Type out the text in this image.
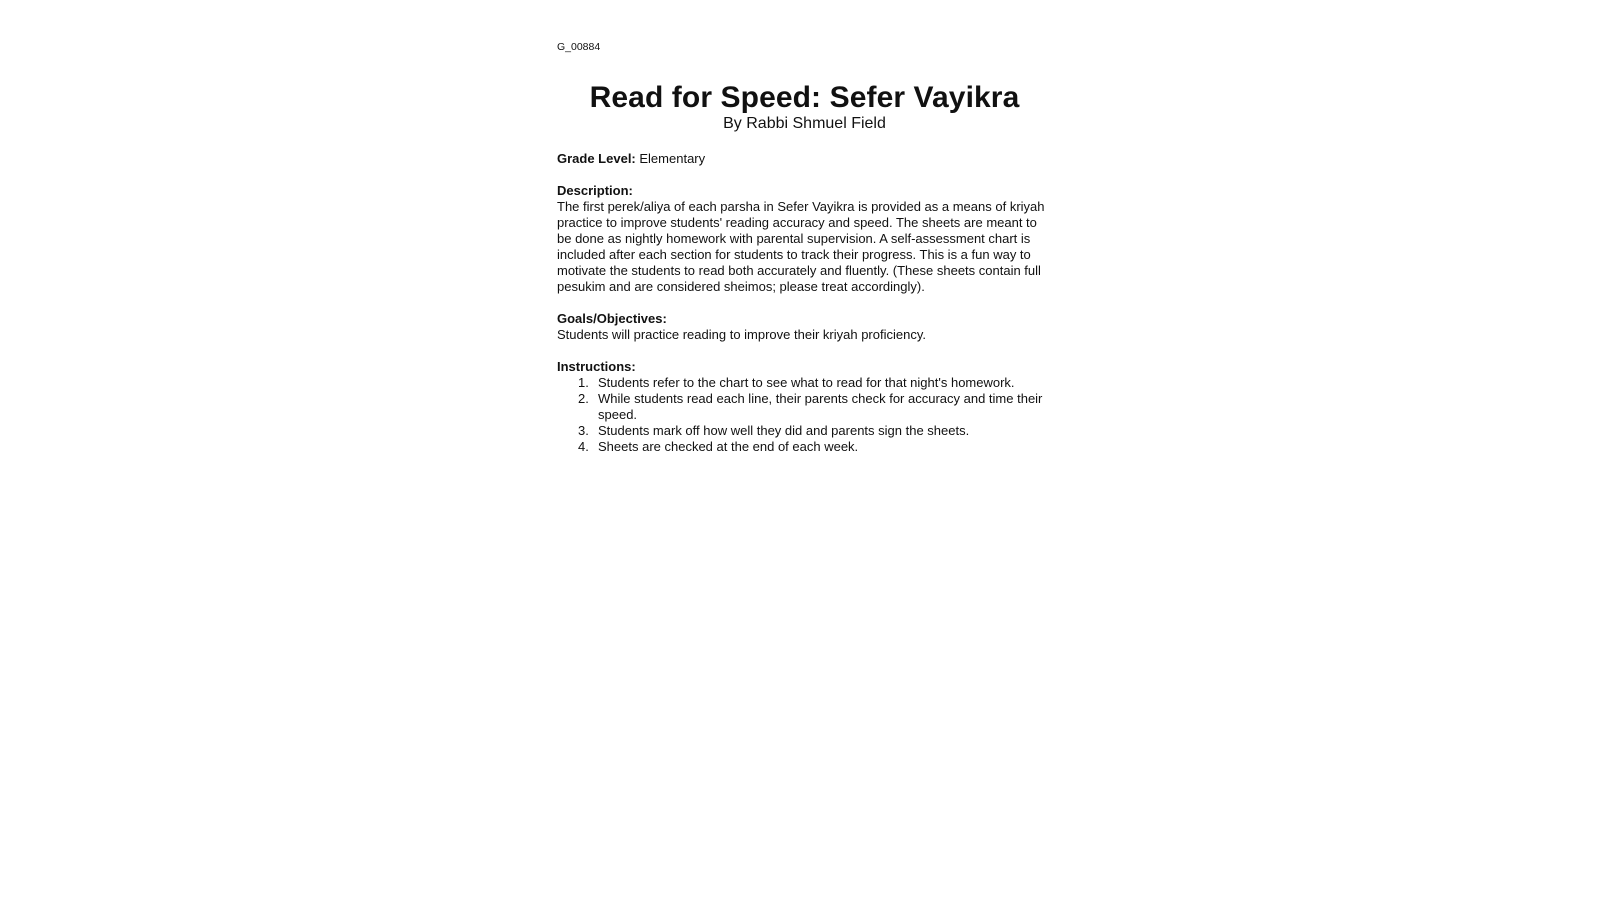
G_00884

Read for Speed: Sefer Vayikra

By Rabbi Shmuel Field

Grade Level: Elementary

Description:

The first perek/aliya of each parsha in Sefer Vayikra is provided as a means of kriyah practice to improve students' reading accuracy and speed. The sheets are meant to be done as nightly homework with parental supervision. A self-assessment chart is included after each section for students to track their progress. This is a fun way to motivate the students to read both accurately and fluently. (These sheets contain full pesukim and are considered sheimos; please treat accordingly).

Goals/Objectives:

Students will practice reading to improve their kriyah proficiency.

Instructions:

1. Students refer to the chart to see what to read for that night's homework.
2. While students read each line, their parents check for accuracy and time their speed.
3. Students mark off how well they did and parents sign the sheets.
4. Sheets are checked at the end of each week.
